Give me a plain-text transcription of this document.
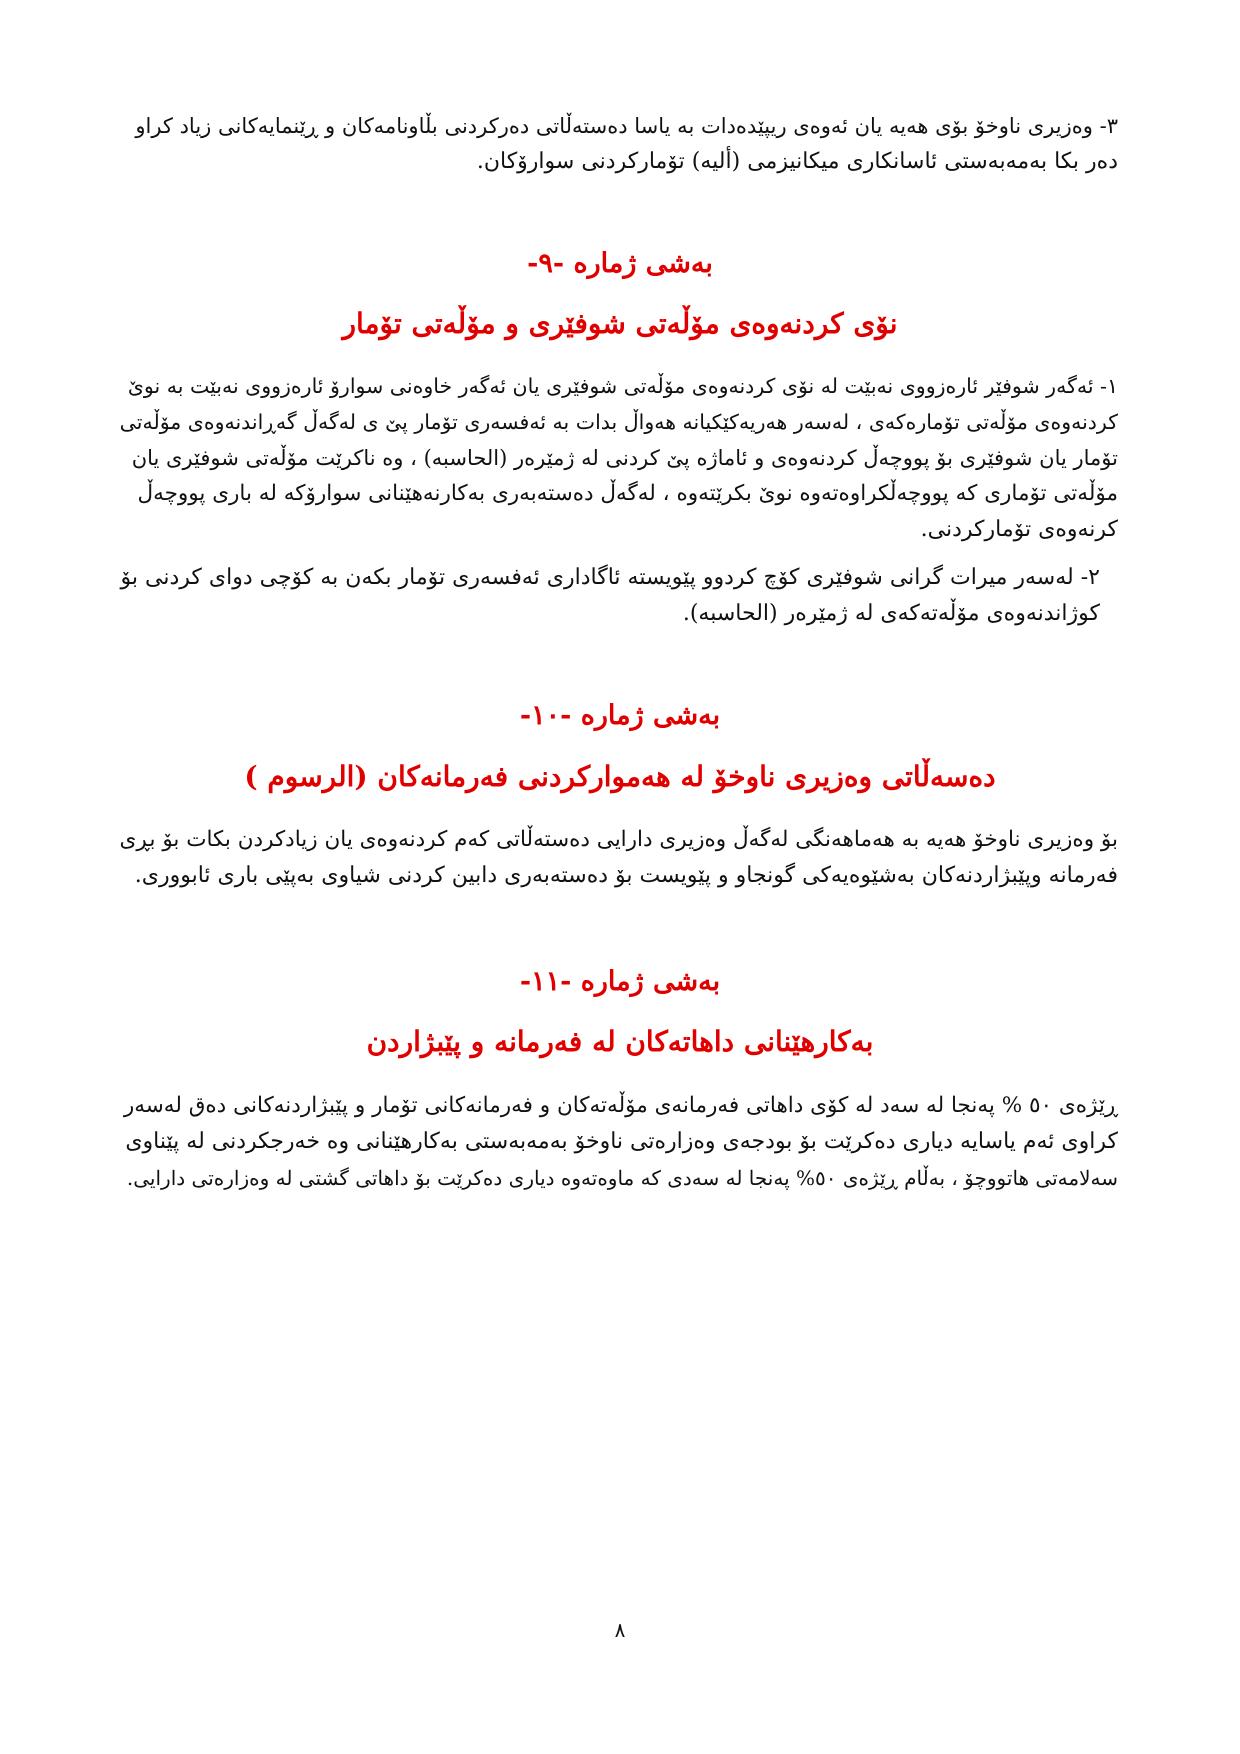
٣- وەزیری ناوخۆ بۆی هەیە یان ئەوەی ریپێدەدات بە یاسا دەستەڵاتی دەرکردنی بڵاونامەکان و ڕێنمایەکانی زیاد کراو
دەر بکا بەمەبەستی ئاسانکاری میکانیزمی (ألیە) تۆمارکردنی سوارۆکان.

بەشی ژمارە -٩-
نۆی کردنەوەی مۆڵەتی شوفێری و مۆڵەتی تۆمار

١- ئەگەر شوفێر ئارەزووی نەبێت لە نۆی کردنەوەی مۆڵەتی شوفێری یان ئەگەر خاوەنی سوارۆ ئارەزووی نەبێت بە نوێ
کردنەوەی مۆڵەتی تۆمارەکەی ، لەسەر هەریەکێکیانە هەواڵ بدات بە ئەفسەری تۆمار پێ ی لەگەڵ گەڕاندنەوەی مۆڵەتی
تۆمار یان شوفێری بۆ پووچەڵ کردنەوەی و ئاماژە پێ کردنی لە ژمێرەر (الحاسبە) ، وە ناکرێت مۆڵەتی شوفێری یان
مۆڵەتی تۆماری کە پووچەڵکراوەتەوە نوێ بکرێتەوە ، لەگەڵ دەستەبەری بەکارنەهێنانی سوارۆکە لە باری پووچەڵ
کرنەوەی تۆمارکردنی.

٢- لەسەر میرات گرانی شوفێری کۆچ کردوو پێویستە ئاگاداری ئەفسەری تۆمار بکەن بە کۆچی دوای کردنی بۆ
کوژاندنەوەی مۆڵەتەکەی لە ژمێرەر (الحاسبە).

بەشی ژمارە -١٠-
دەسەڵاتی وەزیری ناوخۆ لە هەموارکردنی فەرمانەکان (الرسوم )

بۆ وەزیری ناوخۆ هەیە بە هەماهەنگی لەگەڵ وەزیری دارایی دەستەڵاتی کەم کردنەوەی یان زیادکردن بکات بۆ بڕی
فەرمانە وپێبژاردنەکان بەشێوەیەکی گونجاو و پێویست بۆ دەستەبەری دابین کردنی شیاوی بەپێی باری ئابووری.

بەشی ژمارە -١١-
بەکارهێنانی داهاتەکان لە فەرمانە و پێبژاردن

ڕێژەی ٥٠ % پەنجا لە سەد لە کۆی داهاتی فەرمانەی مۆڵەتەکان و فەرمانەکانی تۆمار و پێبژاردنەکانی دەق لەسەر
کراوی ئەم یاسایە دیاری دەکرێت بۆ بودجەی وەزارەتی ناوخۆ بەمەبەستی بەکارهێنانی وە خەرجکردنی لە پێناوی
سەلامەتی هاتووچۆ ، بەڵام ڕێژەی ٥٠% پەنجا لە سەدی کە ماوەتەوە دیاری دەکرێت بۆ داهاتی گشتی لە وەزارەتی دارایی.

٨
